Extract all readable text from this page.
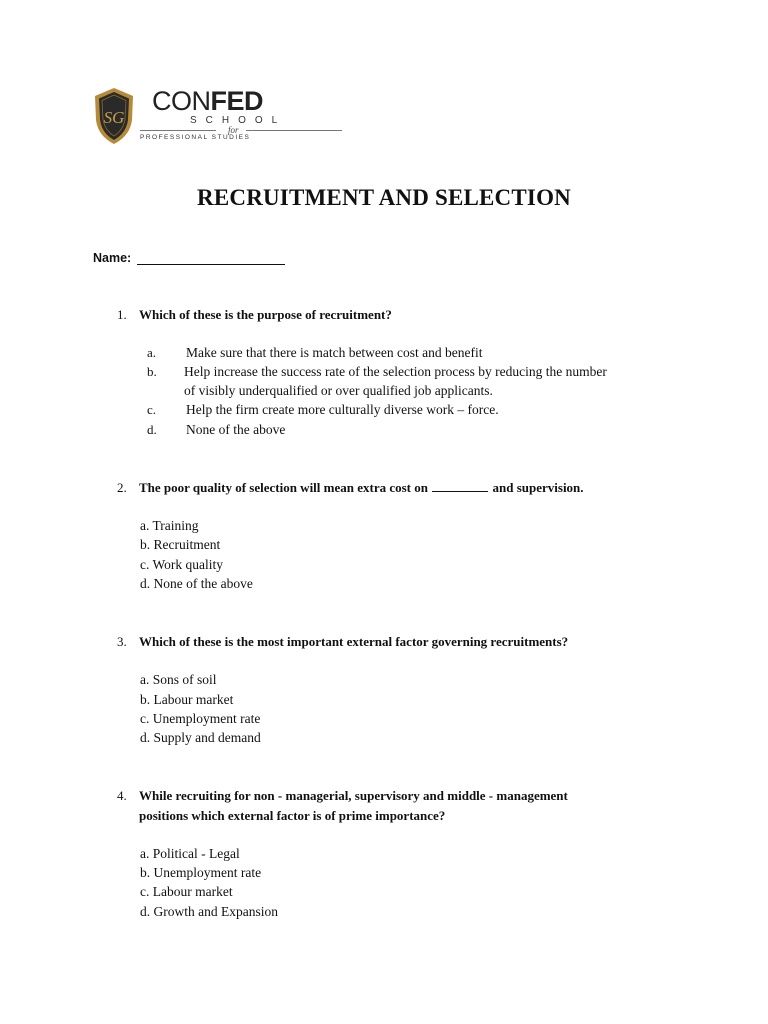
SG
CONFED
SCHOOL
for
PROFESSIONAL STUDIES
RECRUITMENT AND SELECTION
Name:
1. Which of these is the purpose of recruitment?
a. Make sure that there is match between cost and benefit
b. Help increase the success rate of the selection process by reducing the number
of visibly underqualified or over qualified job applicants.
c. Help the firm create more culturally diverse work – force.
d. None of the above
2. The poor quality of selection will mean extra cost on	and supervision.
a. Training
b. Recruitment
c. Work quality
d. None of the above
3. Which of these is the most important external factor governing recruitments?
a. Sons of soil
b. Labour market
c. Unemployment rate
d. Supply and demand
4. While recruiting for non - managerial, supervisory and middle - management
positions which external factor is of prime importance?
a. Political - Legal
b. Unemployment rate
c. Labour market
d. Growth and Expansion
